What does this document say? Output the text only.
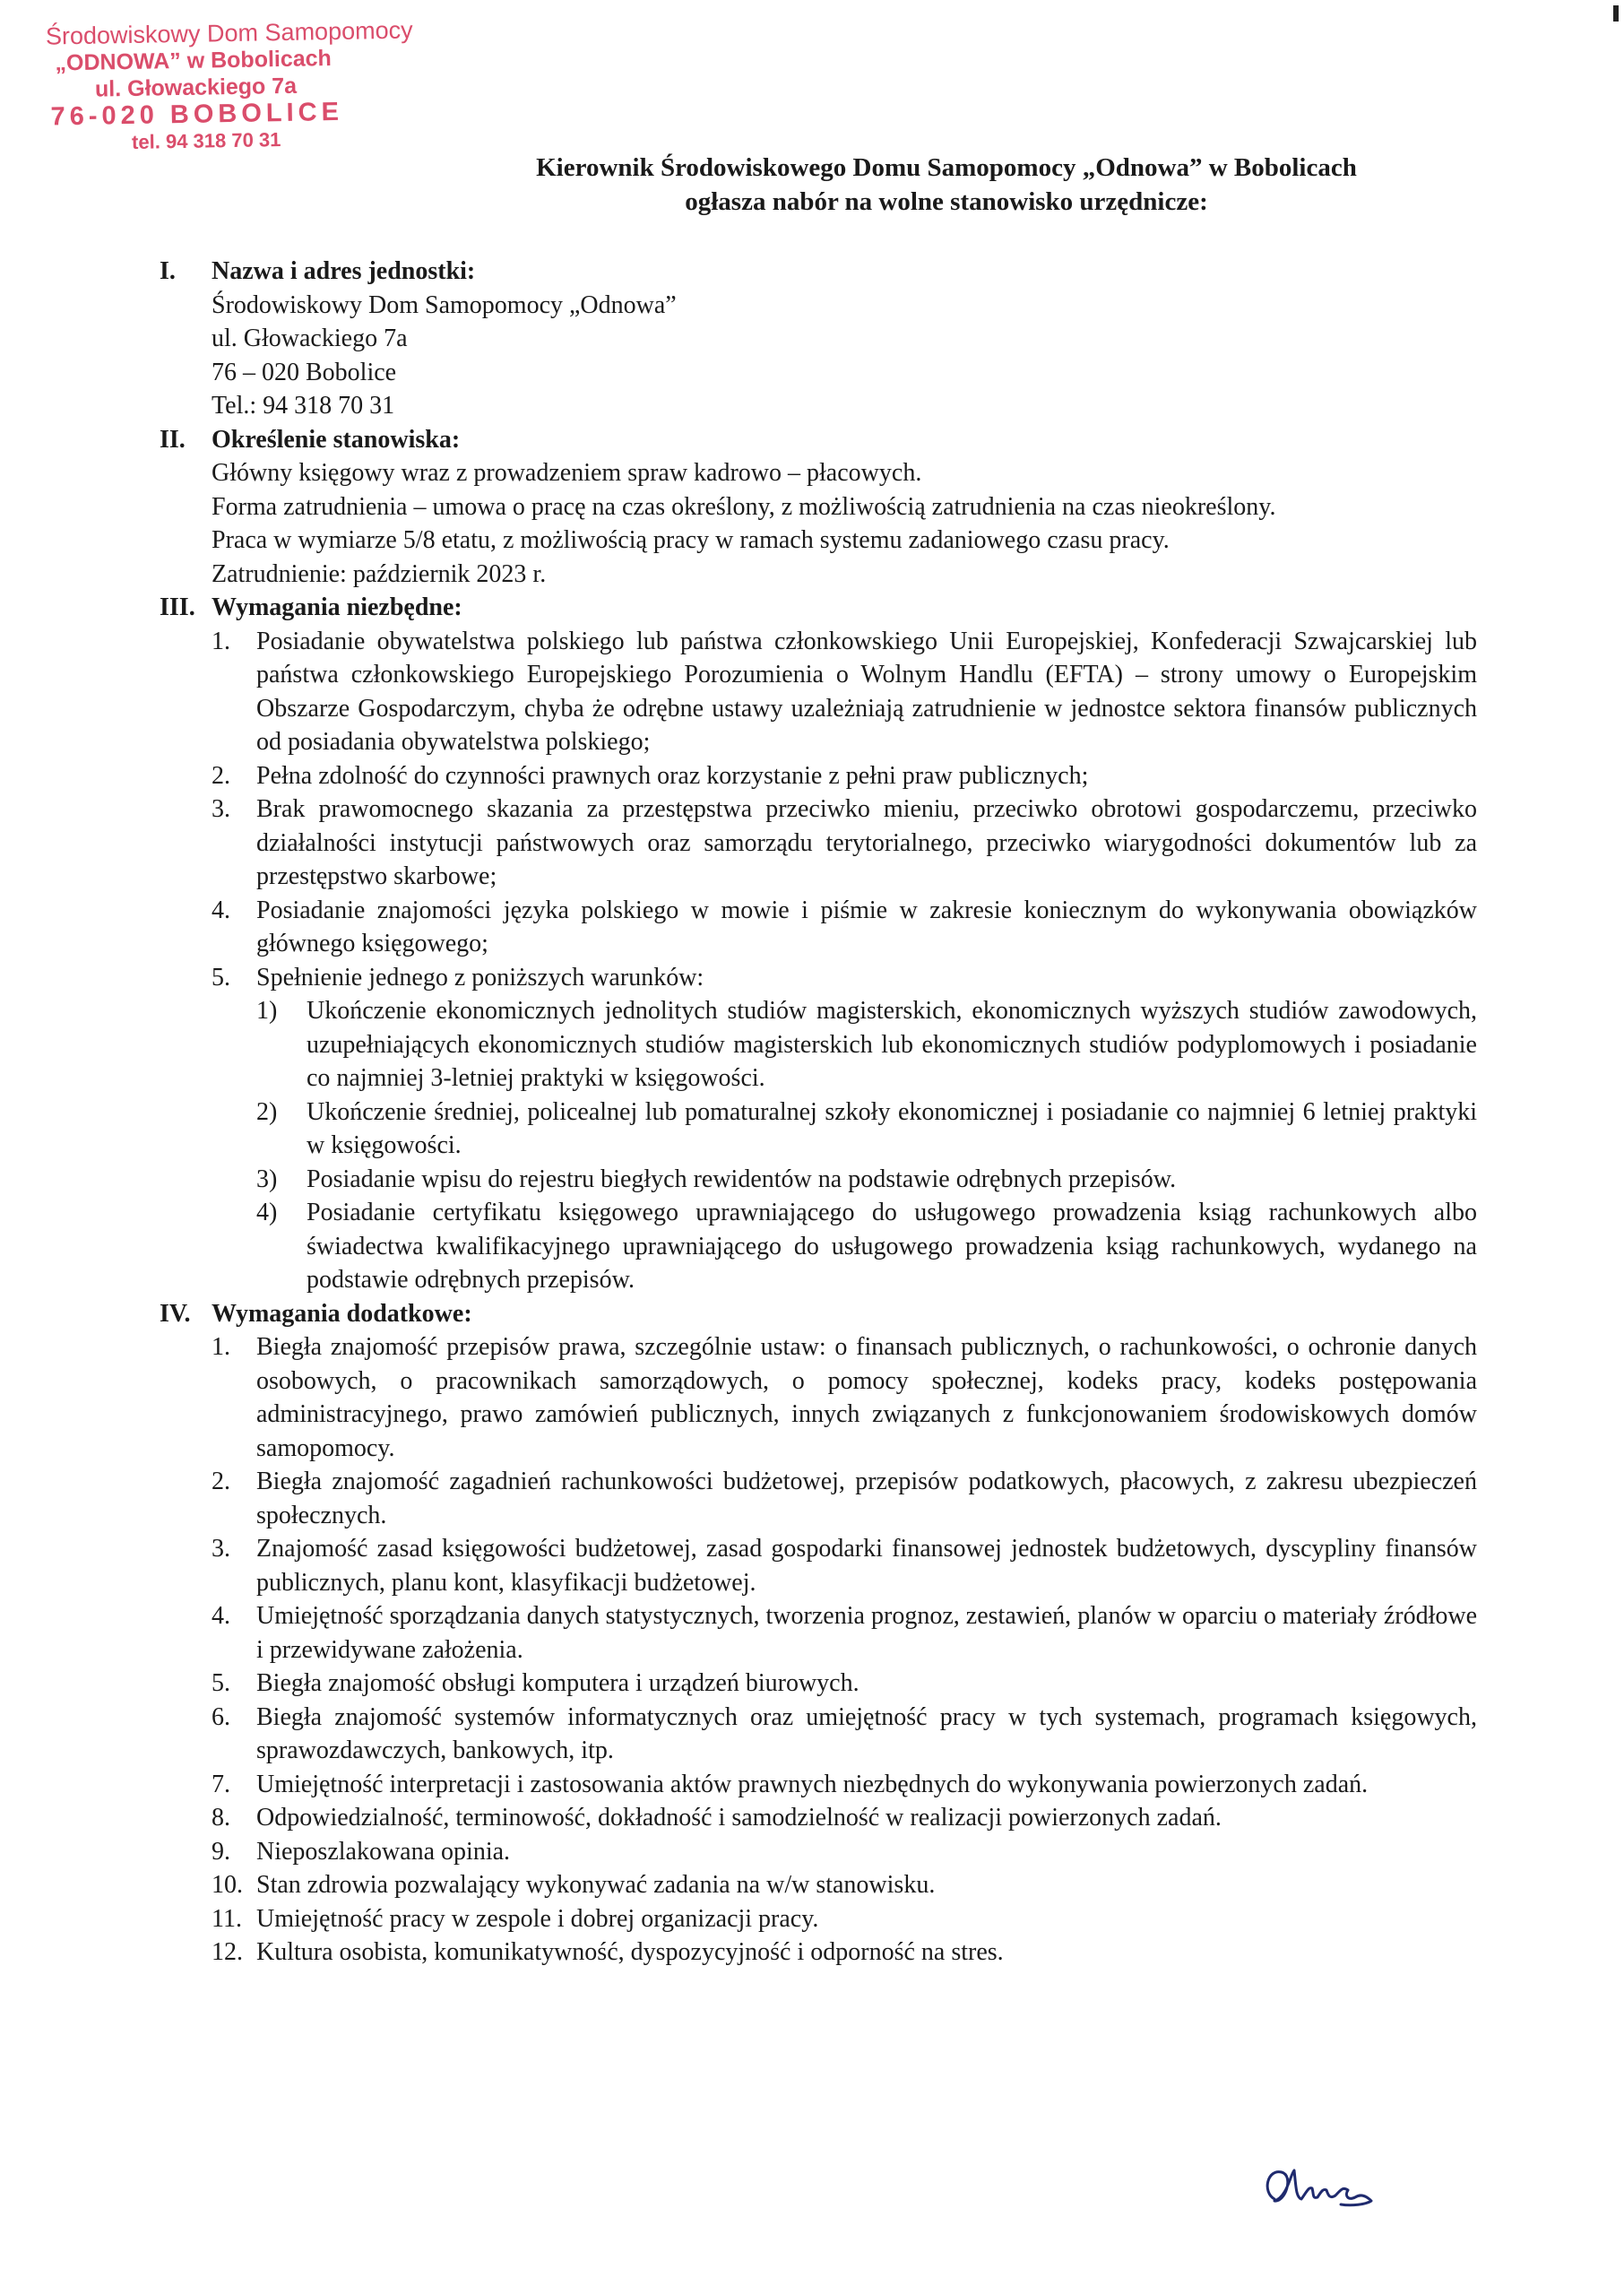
Środowiskowy Dom Samopomocy
„ODNOWA” w Bobolicach
ul. Głowackiego 7a
76-020 BOBOLICE
tel. 94 318 70 31
Kierownik Środowiskowego Domu Samopomocy „Odnowa” w Bobolicach
ogłasza nabór na wolne stanowisko urzędnicze:
I. Nazwa i adres jednostki:
Środowiskowy Dom Samopomocy „Odnowa”
ul. Głowackiego 7a
76 – 020 Bobolice
Tel.: 94 318 70 31
II. Określenie stanowiska:
Główny księgowy wraz z prowadzeniem spraw kadrowo – płacowych.
Forma zatrudnienia – umowa o pracę na czas określony, z możliwością zatrudnienia na czas nieokreślony.
Praca w wymiarze 5/8 etatu, z możliwością pracy w ramach systemu zadaniowego czasu pracy.
Zatrudnienie: październik 2023 r.
III. Wymagania niezbędne:
1. Posiadanie obywatelstwa polskiego lub państwa członkowskiego Unii Europejskiej, Konfederacji Szwajcarskiej lub państwa członkowskiego Europejskiego Porozumienia o Wolnym Handlu (EFTA) – strony umowy o Europejskim Obszarze Gospodarczym, chyba że odrębne ustawy uzależniają zatrudnienie w jednostce sektora finansów publicznych od posiadania obywatelstwa polskiego;
2. Pełna zdolność do czynności prawnych oraz korzystanie z pełni praw publicznych;
3. Brak prawomocnego skazania za przestępstwa przeciwko mieniu, przeciwko obrotowi gospodarczemu, przeciwko działalności instytucji państwowych oraz samorządu terytorialnego, przeciwko wiarygodności dokumentów lub za przestępstwo skarbowe;
4. Posiadanie znajomości języka polskiego w mowie i piśmie w zakresie koniecznym do wykonywania obowiązków głównego księgowego;
5. Spełnienie jednego z poniższych warunków:
1) Ukończenie ekonomicznych jednolitych studiów magisterskich, ekonomicznych wyższych studiów zawodowych, uzupełniających ekonomicznych studiów magisterskich lub ekonomicznych studiów podyplomowych i posiadanie co najmniej 3-letniej praktyki w księgowości.
2) Ukończenie średniej, policealnej lub pomaturalnej szkoły ekonomicznej i posiadanie co najmniej 6 letniej praktyki w księgowości.
3) Posiadanie wpisu do rejestru biegłych rewidentów na podstawie odrębnych przepisów.
4) Posiadanie certyfikatu księgowego uprawniającego do usługowego prowadzenia ksiąg rachunkowych albo świadectwa kwalifikacyjnego uprawniającego do usługowego prowadzenia ksiąg rachunkowych, wydanego na podstawie odrębnych przepisów.
IV. Wymagania dodatkowe:
1. Biegła znajomość przepisów prawa, szczególnie ustaw: o finansach publicznych, o rachunkowości, o ochronie danych osobowych, o pracownikach samorządowych, o pomocy społecznej, kodeks pracy, kodeks postępowania administracyjnego, prawo zamówień publicznych, innych związanych z funkcjonowaniem środowiskowych domów samopomocy.
2. Biegła znajomość zagadnień rachunkowości budżetowej, przepisów podatkowych, płacowych, z zakresu ubezpieczeń społecznych.
3. Znajomość zasad księgowości budżetowej, zasad gospodarki finansowej jednostek budżetowych, dyscypliny finansów publicznych, planu kont, klasyfikacji budżetowej.
4. Umiejętność sporządzania danych statystycznych, tworzenia prognoz, zestawień, planów w oparciu o materiały źródłowe i przewidywane założenia.
5. Biegła znajomość obsługi komputera i urządzeń biurowych.
6. Biegła znajomość systemów informatycznych oraz umiejętność pracy w tych systemach, programach księgowych, sprawozdawczych, bankowych, itp.
7. Umiejętność interpretacji i zastosowania aktów prawnych niezbędnych do wykonywania powierzonych zadań.
8. Odpowiedzialność, terminowość, dokładność i samodzielność w realizacji powierzonych zadań.
9. Nieposzlakowana opinia.
10. Stan zdrowia pozwalający wykonywać zadania na w/w stanowisku.
11. Umiejętność pracy w zespole i dobrej organizacji pracy.
12. Kultura osobista, komunikatywność, dyspozycyjność i odporność na stres.
